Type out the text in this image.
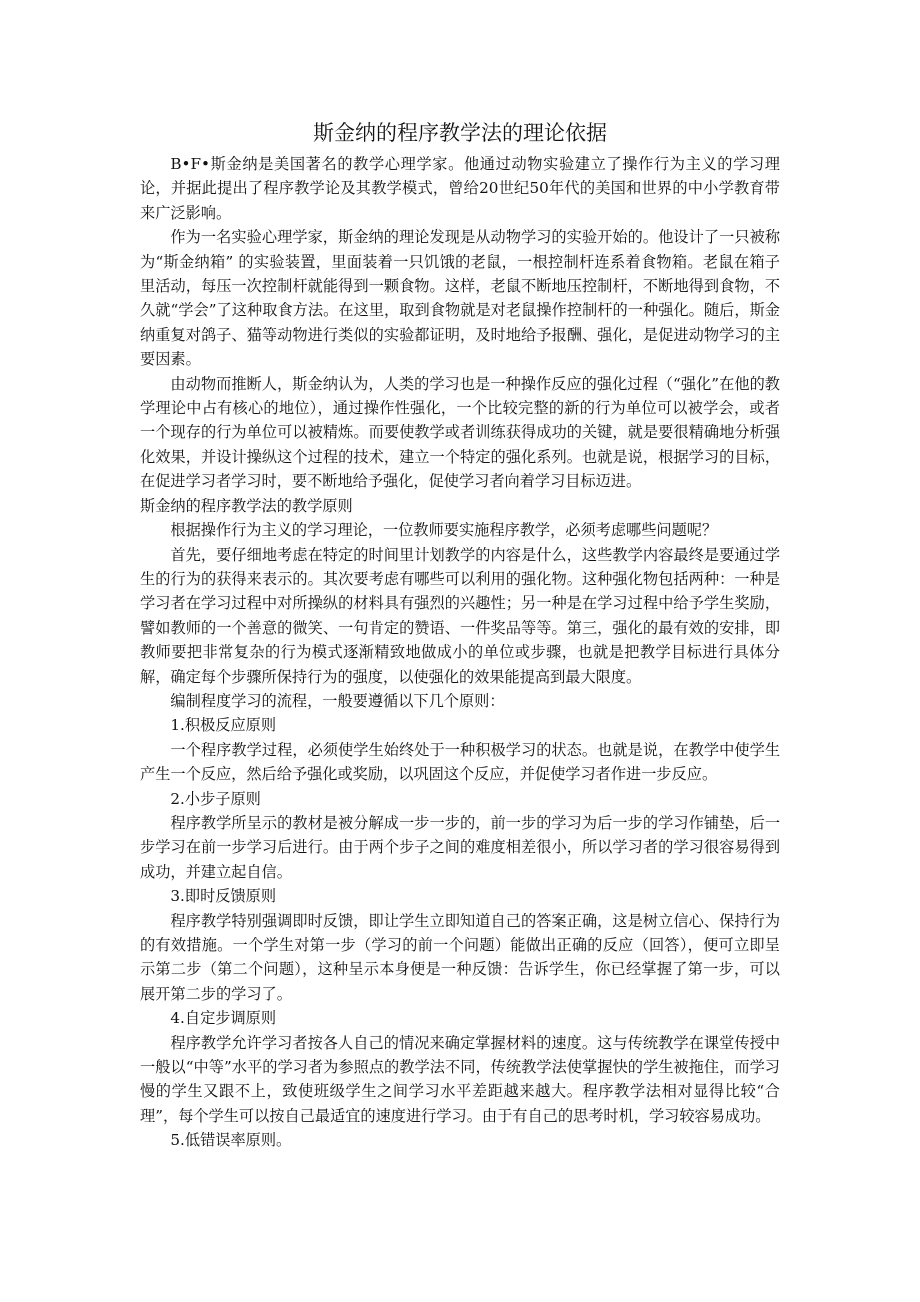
斯金纳的程序教学法的理论依据

B•F•斯金纳是美国著名的教学心理学家。他通过动物实验建立了操作行为主义的学习理论，并据此提出了程序教学论及其教学模式，曾给20世纪50年代的美国和世界的中小学教育带来广泛影响。

作为一名实验心理学家，斯金纳的理论发现是从动物学习的实验开始的。他设计了一只被称为“斯金纳箱” 的实验装置，里面装着一只饥饿的老鼠，一根控制杆连系着食物箱。老鼠在箱子里活动，每压一次控制杆就能得到一颗食物。这样，老鼠不断地压控制杆，不断地得到食物，不久就“学会”了这种取食方法。在这里，取到食物就是对老鼠操作控制杆的一种强化。随后，斯金纳重复对鸽子、猫等动物进行类似的实验都证明，及时地给予报酬、强化，是促进动物学习的主要因素。

由动物而推断人，斯金纳认为，人类的学习也是一种操作反应的强化过程（“强化”在他的教学理论中占有核心的地位），通过操作性强化，一个比较完整的新的行为单位可以被学会，或者一个现存的行为单位可以被精炼。而要使教学或者训练获得成功的关键，就是要很精确地分析强化效果，并设计操纵这个过程的技术，建立一个特定的强化系列。也就是说，根据学习的目标，在促进学习者学习时，要不断地给予强化，促使学习者向着学习目标迈进。

斯金纳的程序教学法的教学原则

根据操作行为主义的学习理论，一位教师要实施程序教学，必须考虑哪些问题呢？

首先，要仔细地考虑在特定的时间里计划教学的内容是什么，这些教学内容最终是要通过学生的行为的获得来表示的。其次要考虑有哪些可以利用的强化物。这种强化物包括两种：一种是学习者在学习过程中对所操纵的材料具有强烈的兴趣性；另一种是在学习过程中给予学生奖励，譬如教师的一个善意的微笑、一句肯定的赞语、一件奖品等等。第三，强化的最有效的安排，即教师要把非常复杂的行为模式逐渐精致地做成小的单位或步骤，也就是把教学目标进行具体分解，确定每个步骤所保持行为的强度，以使强化的效果能提高到最大限度。

编制程度学习的流程，一般要遵循以下几个原则：

1.积极反应原则

一个程序教学过程，必须使学生始终处于一种积极学习的状态。也就是说，在教学中使学生产生一个反应，然后给予强化或奖励，以巩固这个反应，并促使学习者作进一步反应。

2.小步子原则

程序教学所呈示的教材是被分解成一步一步的，前一步的学习为后一步的学习作铺垫，后一步学习在前一步学习后进行。由于两个步子之间的难度相差很小，所以学习者的学习很容易得到成功，并建立起自信。

3.即时反馈原则

程序教学特别强调即时反馈，即让学生立即知道自己的答案正确，这是树立信心、保持行为的有效措施。一个学生对第一步（学习的前一个问题）能做出正确的反应（回答），便可立即呈示第二步（第二个问题），这种呈示本身便是一种反馈：告诉学生，你已经掌握了第一步，可以展开第二步的学习了。

4.自定步调原则

程序教学允许学习者按各人自己的情况来确定掌握材料的速度。这与传统教学在课堂传授中一般以“中等”水平的学习者为参照点的教学法不同，传统教学法使掌握快的学生被拖住，而学习慢的学生又跟不上，致使班级学生之间学习水平差距越来越大。程序教学法相对显得比较“合理”，每个学生可以按自己最适宜的速度进行学习。由于有自己的思考时机，学习较容易成功。

5.低错误率原则。
